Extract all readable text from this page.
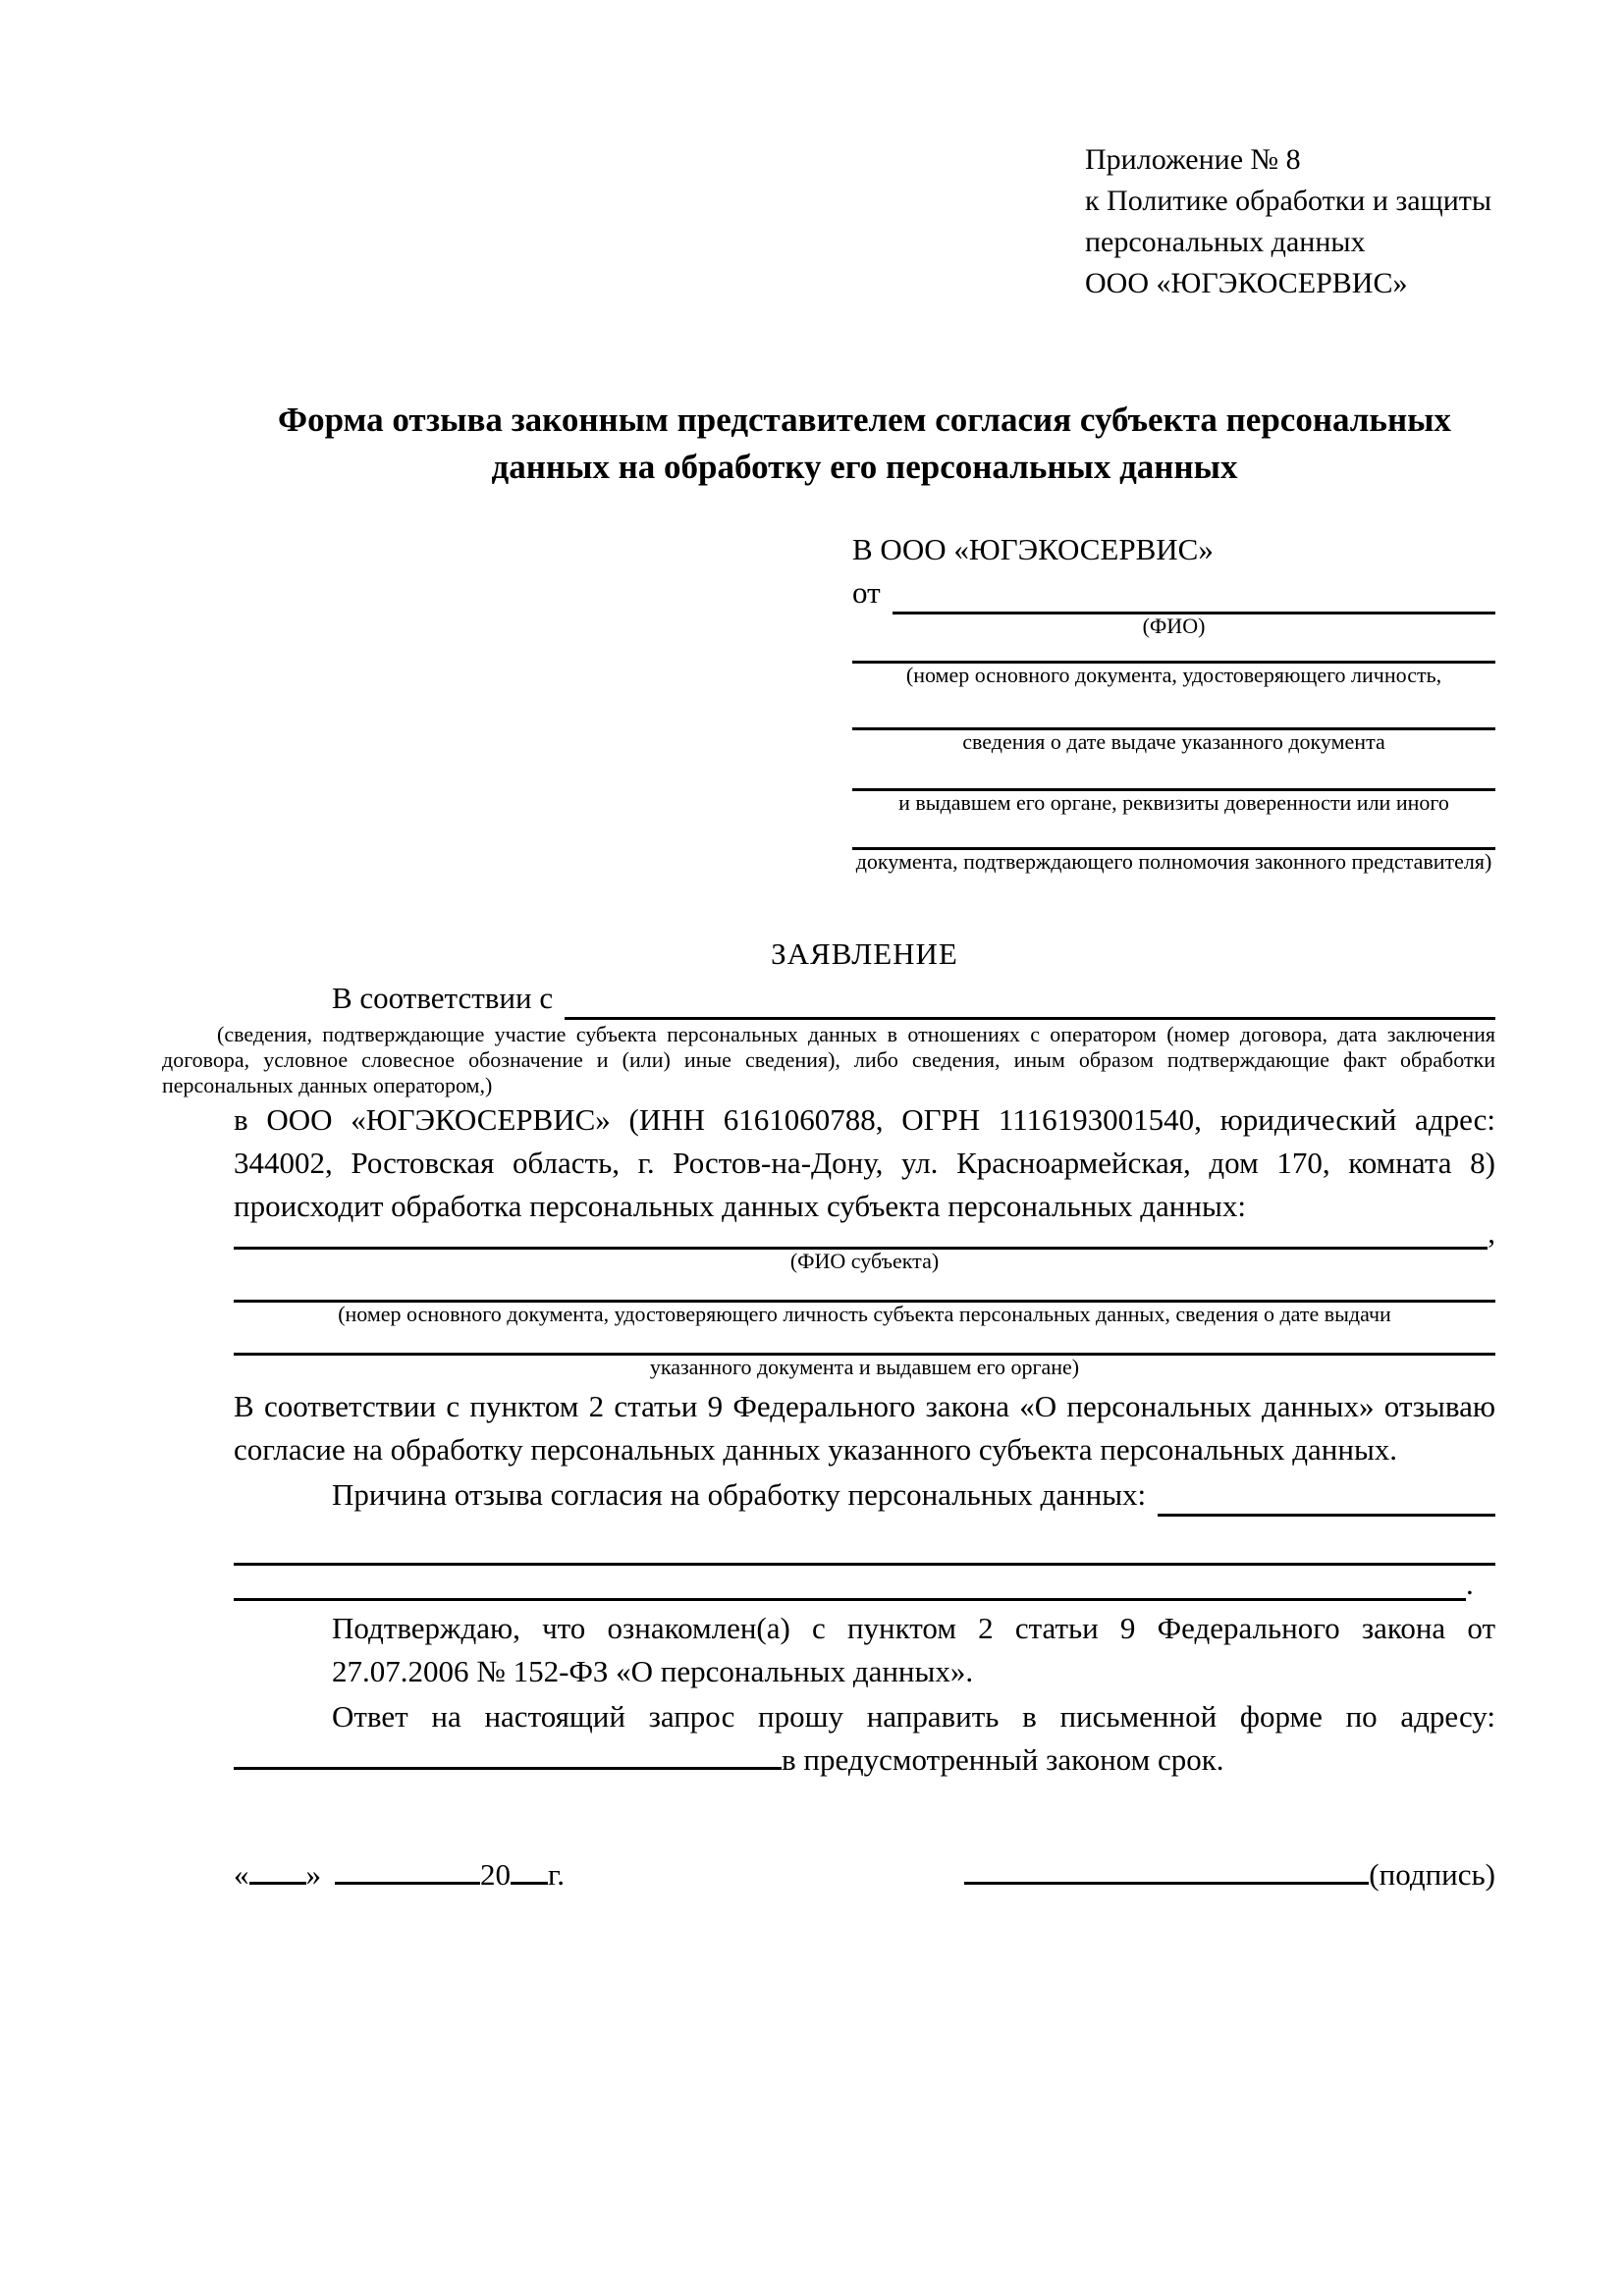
Приложение № 8
к Политике обработки и защиты
персональных данных
ООО «ЮГЭКОСЕРВИС»
Форма отзыва законным представителем согласия субъекта персональных данных на обработку его персональных данных
В ООО «ЮГЭКОСЕРВИС»
от
(ФИО)
(номер основного документа, удостоверяющего личность,
сведения о дате выдаче указанного документа
и выдавшем его органе, реквизиты доверенности или иного
документа, подтверждающего полномочия законного представителя)
ЗАЯВЛЕНИЕ
В соответствии с
(сведения, подтверждающие участие субъекта персональных данных в отношениях с оператором (номер договора, дата заключения договора, условное словесное обозначение и (или) иные сведения), либо сведения, иным образом подтверждающие факт обработки персональных данных оператором,)
в ООО «ЮГЭКОСЕРВИС» (ИНН 6161060788, ОГРН 1116193001540, юридический адрес: 344002, Ростовская область, г. Ростов-на-Дону, ул. Красноармейская, дом 170, комната 8) происходит обработка персональных данных субъекта персональных данных:
,
(ФИО субъекта)
(номер основного документа, удостоверяющего личность субъекта персональных данных, сведения о дате выдачи
указанного документа и выдавшем его органе)
В соответствии с пунктом 2 статьи 9 Федерального закона «О персональных данных» отзываю согласие на обработку персональных данных указанного субъекта персональных данных.
Причина отзыва согласия на обработку персональных данных:
.
Подтверждаю, что ознакомлен(а) с пунктом 2 статьи 9 Федерального закона от 27.07.2006 № 152-ФЗ «О персональных данных».
Ответ на настоящий запрос прошу направить в письменной форме по адресу: в предусмотренный законом срок.
« »	20 г.	(подпись)
